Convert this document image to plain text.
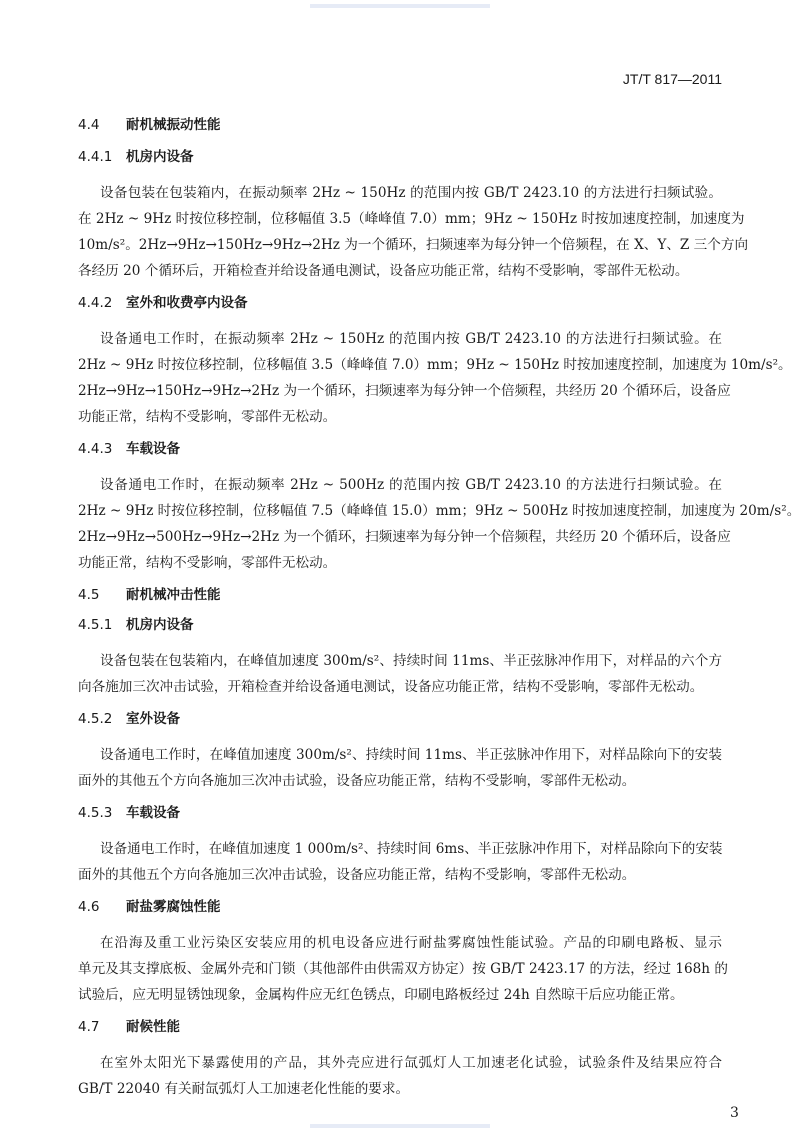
JT/T 817—2011
4.4 耐机械振动性能
4.4.1 机房内设备
设备包装在包装箱内，在振动频率 2Hz ~ 150Hz 的范围内按 GB/T 2423.10 的方法进行扫频试验。
在 2Hz ~ 9Hz 时按位移控制，位移幅值 3.5（峰峰值 7.0）mm；9Hz ~ 150Hz 时按加速度控制，加速度为
10m/s²。2Hz→9Hz→150Hz→9Hz→2Hz 为一个循环，扫频速率为每分钟一个倍频程，在 X、Y、Z 三个方向
各经历 20 个循环后，开箱检查并给设备通电测试，设备应功能正常，结构不受影响，零部件无松动。
4.4.2 室外和收费亭内设备
设备通电工作时，在振动频率 2Hz ~ 150Hz 的范围内按 GB/T 2423.10 的方法进行扫频试验。在
2Hz ~ 9Hz 时按位移控制，位移幅值 3.5（峰峰值 7.0）mm；9Hz ~ 150Hz 时按加速度控制，加速度为 10m/s²。
2Hz→9Hz→150Hz→9Hz→2Hz 为一个循环，扫频速率为每分钟一个倍频程，共经历 20 个循环后，设备应
功能正常，结构不受影响，零部件无松动。
4.4.3 车载设备
设备通电工作时，在振动频率 2Hz ~ 500Hz 的范围内按 GB/T 2423.10 的方法进行扫频试验。在
2Hz ~ 9Hz 时按位移控制，位移幅值 7.5（峰峰值 15.0）mm；9Hz ~ 500Hz 时按加速度控制，加速度为 20m/s²。
2Hz→9Hz→500Hz→9Hz→2Hz 为一个循环，扫频速率为每分钟一个倍频程，共经历 20 个循环后，设备应
功能正常，结构不受影响，零部件无松动。
4.5 耐机械冲击性能
4.5.1 机房内设备
设备包装在包装箱内，在峰值加速度 300m/s²、持续时间 11ms、半正弦脉冲作用下，对样品的六个方
向各施加三次冲击试验，开箱检查并给设备通电测试，设备应功能正常，结构不受影响，零部件无松动。
4.5.2 室外设备
设备通电工作时，在峰值加速度 300m/s²、持续时间 11ms、半正弦脉冲作用下，对样品除向下的安装
面外的其他五个方向各施加三次冲击试验，设备应功能正常，结构不受影响，零部件无松动。
4.5.3 车载设备
设备通电工作时，在峰值加速度 1 000m/s²、持续时间 6ms、半正弦脉冲作用下，对样品除向下的安装
面外的其他五个方向各施加三次冲击试验，设备应功能正常，结构不受影响，零部件无松动。
4.6 耐盐雾腐蚀性能
在沿海及重工业污染区安装应用的机电设备应进行耐盐雾腐蚀性能试验。产品的印刷电路板、显示
单元及其支撑底板、金属外壳和门锁（其他部件由供需双方协定）按 GB/T 2423.17 的方法，经过 168h 的
试验后，应无明显锈蚀现象，金属构件应无红色锈点，印刷电路板经过 24h 自然晾干后应功能正常。
4.7 耐候性能
在室外太阳光下暴露使用的产品，其外壳应进行氙弧灯人工加速老化试验，试验条件及结果应符合
GB/T 22040 有关耐氙弧灯人工加速老化性能的要求。
3
